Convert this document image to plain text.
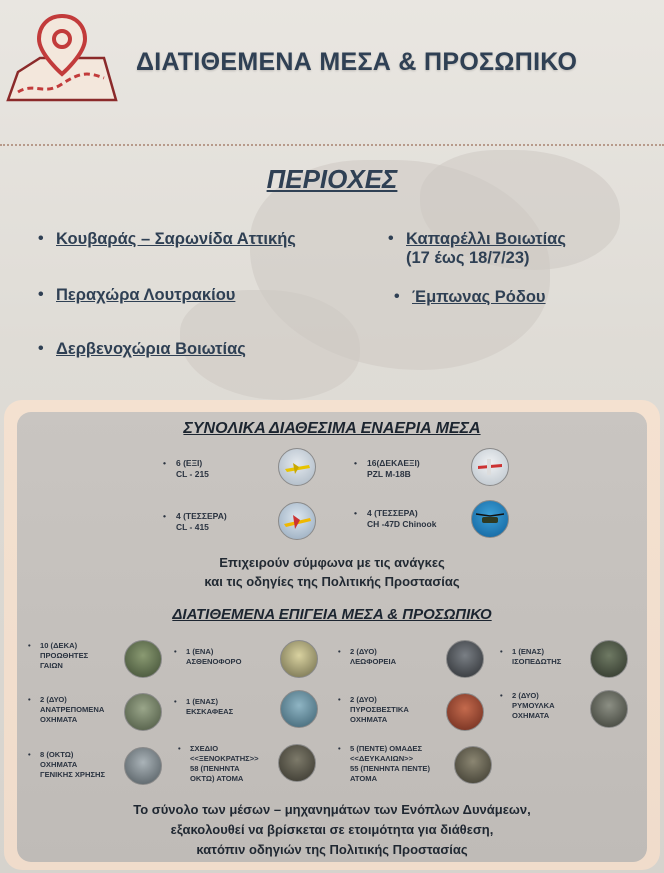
ΔΙΑΤΙΘΕΜΕΝΑ ΜΕΣΑ & ΠΡΟΣΩΠΙΚΟ
ΠΕΡΙΟΧΕΣ
• Κουβαράς – Σαρωνίδα Αττικής
• Περαχώρα Λουτρακίου
• Δερβενοχώρια Βοιωτίας
• Καπαρέλλι Βοιωτίας
(17 έως 18/7/23)
• Έμπωνας Ρόδου
ΣΥΝΟΛΙΚΑ ΔΙΑΘΕΣΙΜΑ ΕΝΑΕΡΙΑ ΜΕΣΑ
• 6 (ΕΞΙ)
CL - 215
• 16(ΔΕΚΑΕΞΙ)
PZL M-18B
• 4 (ΤΕΣΣΕΡΑ)
CL - 415
• 4 (ΤΕΣΣΕΡΑ)
CH -47D Chinook
Επιχειρούν σύμφωνα με τις ανάγκες
και τις οδηγίες της Πολιτικής Προστασίας
ΔΙΑΤΙΘΕΜΕΝΑ ΕΠΙΓΕΙΑ ΜΕΣΑ & ΠΡΟΣΩΠΙΚΟ
• 10 (ΔΕΚΑ)
ΠΡΟΩΘΗΤΕΣ
ΓΑΙΩΝ
• 1 (ΕΝΑ)
ΑΣΘΕΝΟΦΟΡΟ
• 2 (ΔΥΟ)
ΛΕΩΦΟΡΕΙΑ
• 1 (ΕΝΑΣ)
ΙΣΟΠΕΔΩΤΗΣ
• 2 (ΔΥΟ)
ΑΝΑΤΡΕΠΟΜΕΝΑ
ΟΧΗΜΑΤΑ
• 1 (ΕΝΑΣ)
ΕΚΣΚΑΦΕΑΣ
• 2 (ΔΥΟ)
ΠΥΡΟΣΒΕΣΤΙΚΑ
ΟΧΗΜΑΤΑ
• 2 (ΔΥΟ)
ΡΥΜΟΥΛΚΑ
ΟΧΗΜΑΤΑ
• 8 (ΟΚΤΩ)
ΟΧΗΜΑΤΑ
ΓΕΝΙΚΗΣ ΧΡΗΣΗΣ
• ΣΧΕΔΙΟ
<<ΞΕΝΟΚΡΑΤΗΣ>>
58 (ΠΕΝΗΝΤΑ
ΟΚΤΩ) ΑΤΟΜΑ
• 5 (ΠΕΝΤΕ) ΟΜΑΔΕΣ
<<ΔΕΥΚΑΛΙΩΝ>>
55 (ΠΕΝΗΝΤΑ ΠΕΝΤΕ)
ΑΤΟΜΑ
Το σύνολο των μέσων – μηχανημάτων των Ενόπλων Δυνάμεων,
εξακολουθεί να βρίσκεται σε ετοιμότητα για διάθεση,
κατόπιν οδηγιών της Πολιτικής Προστασίας
